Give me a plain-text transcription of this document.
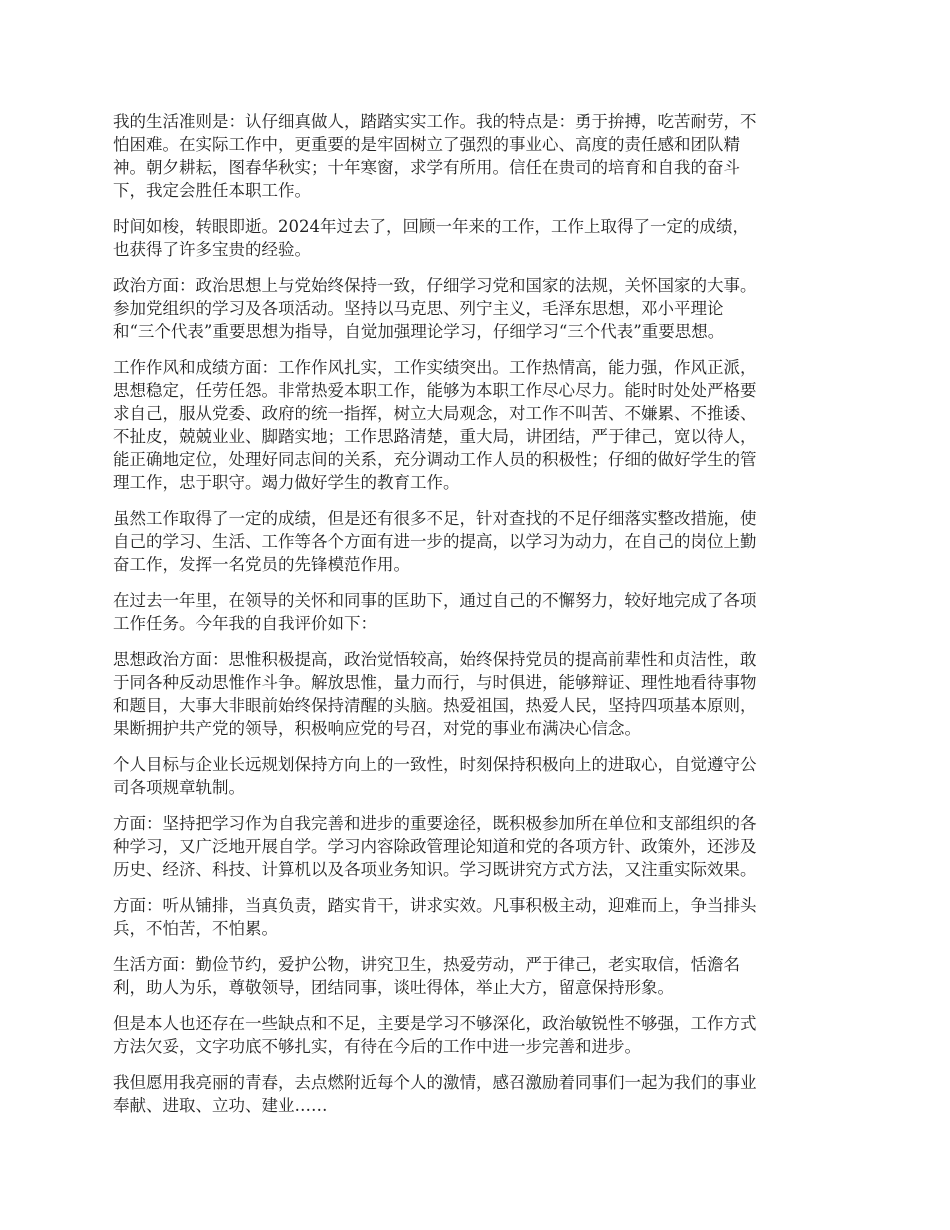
我的生活准则是：认仔细真做人，踏踏实实工作。我的特点是：勇于拚搏，吃苦耐劳，不
怕困难。在实际工作中，更重要的是牢固树立了强烈的事业心、高度的责任感和团队精
神。朝夕耕耘，图春华秋实；十年寒窗，求学有所用。信任在贵司的培育和自我的奋斗
下，我定会胜任本职工作。

时间如梭，转眼即逝。2024年过去了，回顾一年来的工作，工作上取得了一定的成绩，
也获得了许多宝贵的经验。

政治方面：政治思想上与党始终保持一致，仔细学习党和国家的法规，关怀国家的大事。
参加党组织的学习及各项活动。坚持以马克思、列宁主义，毛泽东思想，邓小平理论
和“三个代表”重要思想为指导，自觉加强理论学习，仔细学习“三个代表”重要思想。

工作作风和成绩方面：工作作风扎实，工作实绩突出。工作热情高，能力强，作风正派，
思想稳定，任劳任怨。非常热爱本职工作，能够为本职工作尽心尽力。能时时处处严格要
求自己，服从党委、政府的统一指挥，树立大局观念，对工作不叫苦、不嫌累、不推诿、
不扯皮，兢兢业业、脚踏实地；工作思路清楚，重大局，讲团结，严于律己，宽以待人，
能正确地定位，处理好同志间的关系，充分调动工作人员的积极性；仔细的做好学生的管
理工作，忠于职守。竭力做好学生的教育工作。

虽然工作取得了一定的成绩，但是还有很多不足，针对查找的不足仔细落实整改措施，使
自己的学习、生活、工作等各个方面有进一步的提高，以学习为动力，在自己的岗位上勤
奋工作，发挥一名党员的先锋模范作用。

在过去一年里，在领导的关怀和同事的匡助下，通过自己的不懈努力，较好地完成了各项
工作任务。今年我的自我评价如下：

思想政治方面：思惟积极提高，政治觉悟较高，始终保持党员的提高前辈性和贞洁性，敢
于同各种反动思惟作斗争。解放思惟，量力而行，与时俱进，能够辩证、理性地看待事物
和题目，大事大非眼前始终保持清醒的头脑。热爱祖国，热爱人民，坚持四项基本原则，
果断拥护共产党的领导，积极响应党的号召，对党的事业布满决心信念。

个人目标与企业长远规划保持方向上的一致性，时刻保持积极向上的进取心，自觉遵守公
司各项规章轨制。

方面：坚持把学习作为自我完善和进步的重要途径，既积极参加所在单位和支部组织的各
种学习，又广泛地开展自学。学习内容除政管理论知道和党的各项方针、政策外，还涉及
历史、经济、科技、计算机以及各项业务知识。学习既讲究方式方法，又注重实际效果。

方面：听从铺排，当真负责，踏实肯干，讲求实效。凡事积极主动，迎难而上，争当排头
兵，不怕苦，不怕累。

生活方面：勤俭节约，爱护公物，讲究卫生，热爱劳动，严于律己，老实取信，恬澹名
利，助人为乐，尊敬领导，团结同事，谈吐得体，举止大方，留意保持形象。

但是本人也还存在一些缺点和不足，主要是学习不够深化，政治敏锐性不够强，工作方式
方法欠妥，文字功底不够扎实，有待在今后的工作中进一步完善和进步。

我但愿用我亮丽的青春，去点燃附近每个人的激情，感召激励着同事们一起为我们的事业
奉献、进取、立功、建业……
